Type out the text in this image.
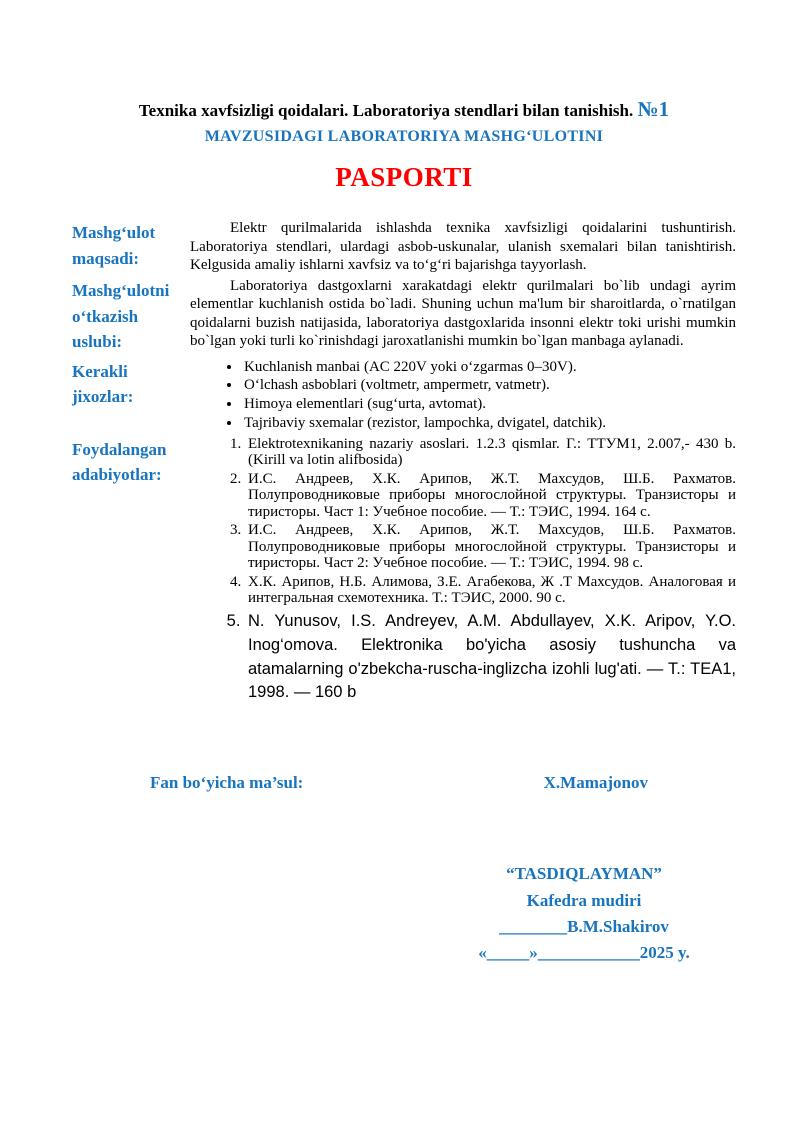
Texnika xavfsizligi qoidalari. Laboratoriya stendlari bilan tanishish. №1
MAVZUSIDAGI LABORATORIYA MASHG‘ULOTINI
PASPORTI
Mashg‘ulot maqsadi:

Elektr qurilmalarida ishlashda texnika xavfsizligi qoidalarini tushuntirish. Laboratoriya stendlari, ulardagi asbob-uskunalar, ulanish sxemalari bilan tanishtirish. Kelgusida amaliy ishlarni xavfsiz va to‘g‘ri bajarishga tayyorlash.

Mashg‘ulotni o‘tkazish uslubi:

Laboratoriya dastgoxlarni xarakatdagi elektr qurilmalari bo`lib undagi ayrim elementlar kuchlanish ostida bo`ladi. Shuning uchun ma'lum bir sharoitlarda, o`rnatilgan qoidalarni buzish natijasida, laboratoriya dastgoxlarida insonni elektr toki urishi mumkin bo`lgan yoki turli ko`rinishdagi jaroxatlanishi mumkin bo`lgan manbaga aylanadi.

Kerakli jixozlar:
• Kuchlanish manbai (AC 220V yoki o‘zgarmas 0–30V).
• O‘lchash asboblari (voltmetr, ampermetr, vatmetr).
• Himoya elementlari (sug‘urta, avtomat).
• Tajribaviy sxemalar (rezistor, lampochka, dvigatel, datchik).
Foydalangan adabiyotlar:
1. Elektrotexnikaning nazariy asoslari. 1.2.3 qismlar. Г.: ТТУМ1, 2.007,- 430 b. (Kirill va lotin alifbosida)
2. И.С. Андреев, Х.К. Арипов, Ж.Т. Махсудов, Ш.Б. Рахматов. Полупроводниковые приборы многослойной структуры. Транзисторы и тиристоры. Част 1: Учебное пособие. — Т.: ТЭИС, 1994. 164 с.
3. И.С. Андреев, Х.К. Арипов, Ж.Т. Махсудов, Ш.Б. Рахматов. Полупроводниковые приборы многослойной структуры. Транзисторы и тиристоры. Част 2: Учебное пособие. — Т.: ТЭИС, 1994. 98 с.
4. Х.К. Арипов, Н.Б. Алимова, З.Е. Агабекова, Ж .Т Махсудов. Аналоговая и интегральная схемотехника. Т.: ТЭИС, 2000. 90 с.
5. N. Yunusov, I.S. Andreyev, A.M. Abdullayev, X.K. Aripov, Y.O. Inog‘omova. Elektronika bo'yicha asosiy tushuncha va atamalarning o'zbekcha-ruscha-inglizcha izohli lug'ati. — T.: TEA1, 1998. — 160 b
Fan bo‘yicha ma’sul:	X.Mamajonov
“TASDIQLAYMAN”
Kafedra mudiri
________B.M.Shakirov
«_____»____________2025 y.
